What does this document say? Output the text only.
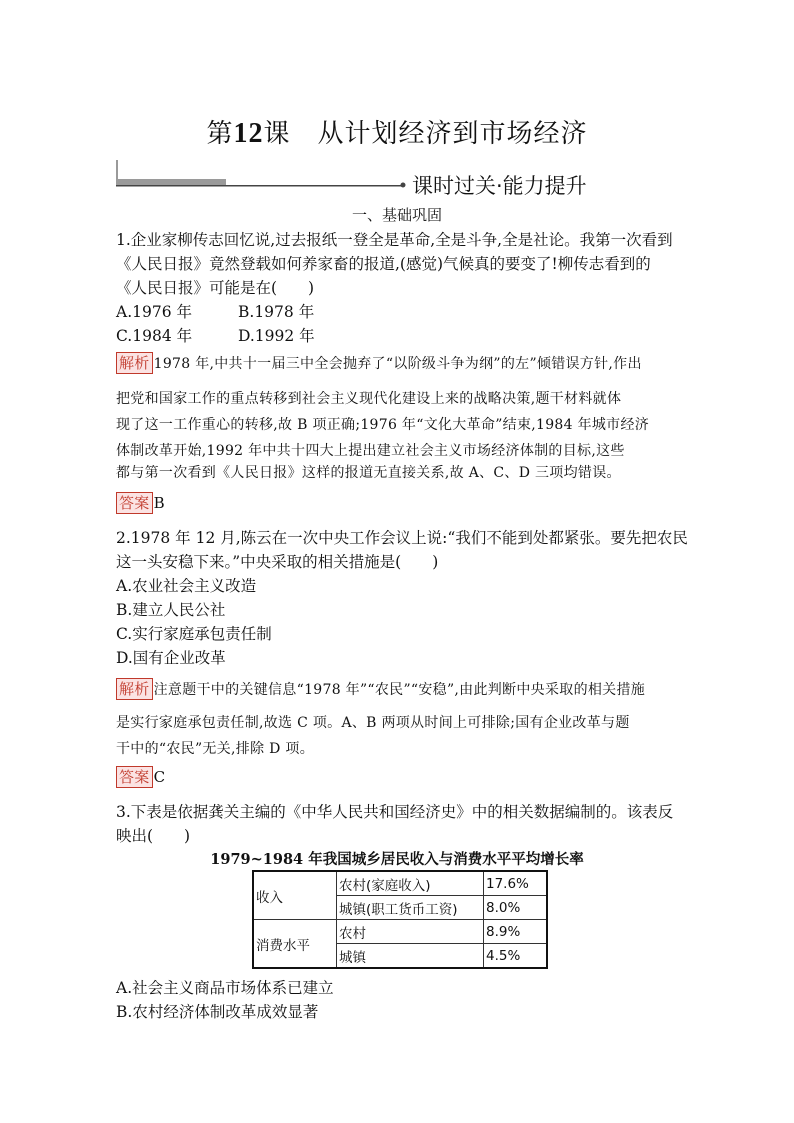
第12课　从计划经济到市场经济
课时过关·能力提升
一、基础巩固
1.企业家柳传志回忆说,过去报纸一登全是革命,全是斗争,全是社论。我第一次看到
《人民日报》竟然登载如何养家畜的报道,(感觉)气候真的要变了!柳传志看到的
《人民日报》可能是在(　　)
A.1976 年	B.1978 年
C.1984 年	D.1992 年
解析 1978 年,中共十一届三中全会抛弃了“以阶级斗争为纲”的左”倾错误方针,作出
把党和国家工作的重点转移到社会主义现代化建设上来的战略决策,题干材料就体
现了这一工作重心的转移,故 B 项正确;1976 年“文化大革命”结束,1984 年城市经济
体制改革开始,1992 年中共十四大上提出建立社会主义市场经济体制的目标,这些
都与第一次看到《人民日报》这样的报道无直接关系,故 A、C、D 三项均错误。
答案 B
2.1978 年 12 月,陈云在一次中央工作会议上说:“我们不能到处都紧张。要先把农民
这一头安稳下来。”中央采取的相关措施是(　　)
A.农业社会主义改造
B.建立人民公社
C.实行家庭承包责任制
D.国有企业改革
解析 注意题干中的关键信息“1978 年”“农民”“安稳”,由此判断中央采取的相关措施
是实行家庭承包责任制,故选 C 项。A、B 两项从时间上可排除;国有企业改革与题
干中的“农民”无关,排除 D 项。
答案 C
3.下表是依据龚关主编的《中华人民共和国经济史》中的相关数据编制的。该表反
映出(　　)
1979~1984 年我国城乡居民收入与消费水平平均增长率
收入	农村(家庭收入)	17.6%
	城镇(职工货币工资)	8.0%
消费水平	农村	8.9%
	城镇	4.5%
A.社会主义商品市场体系已建立
B.农村经济体制改革成效显著
